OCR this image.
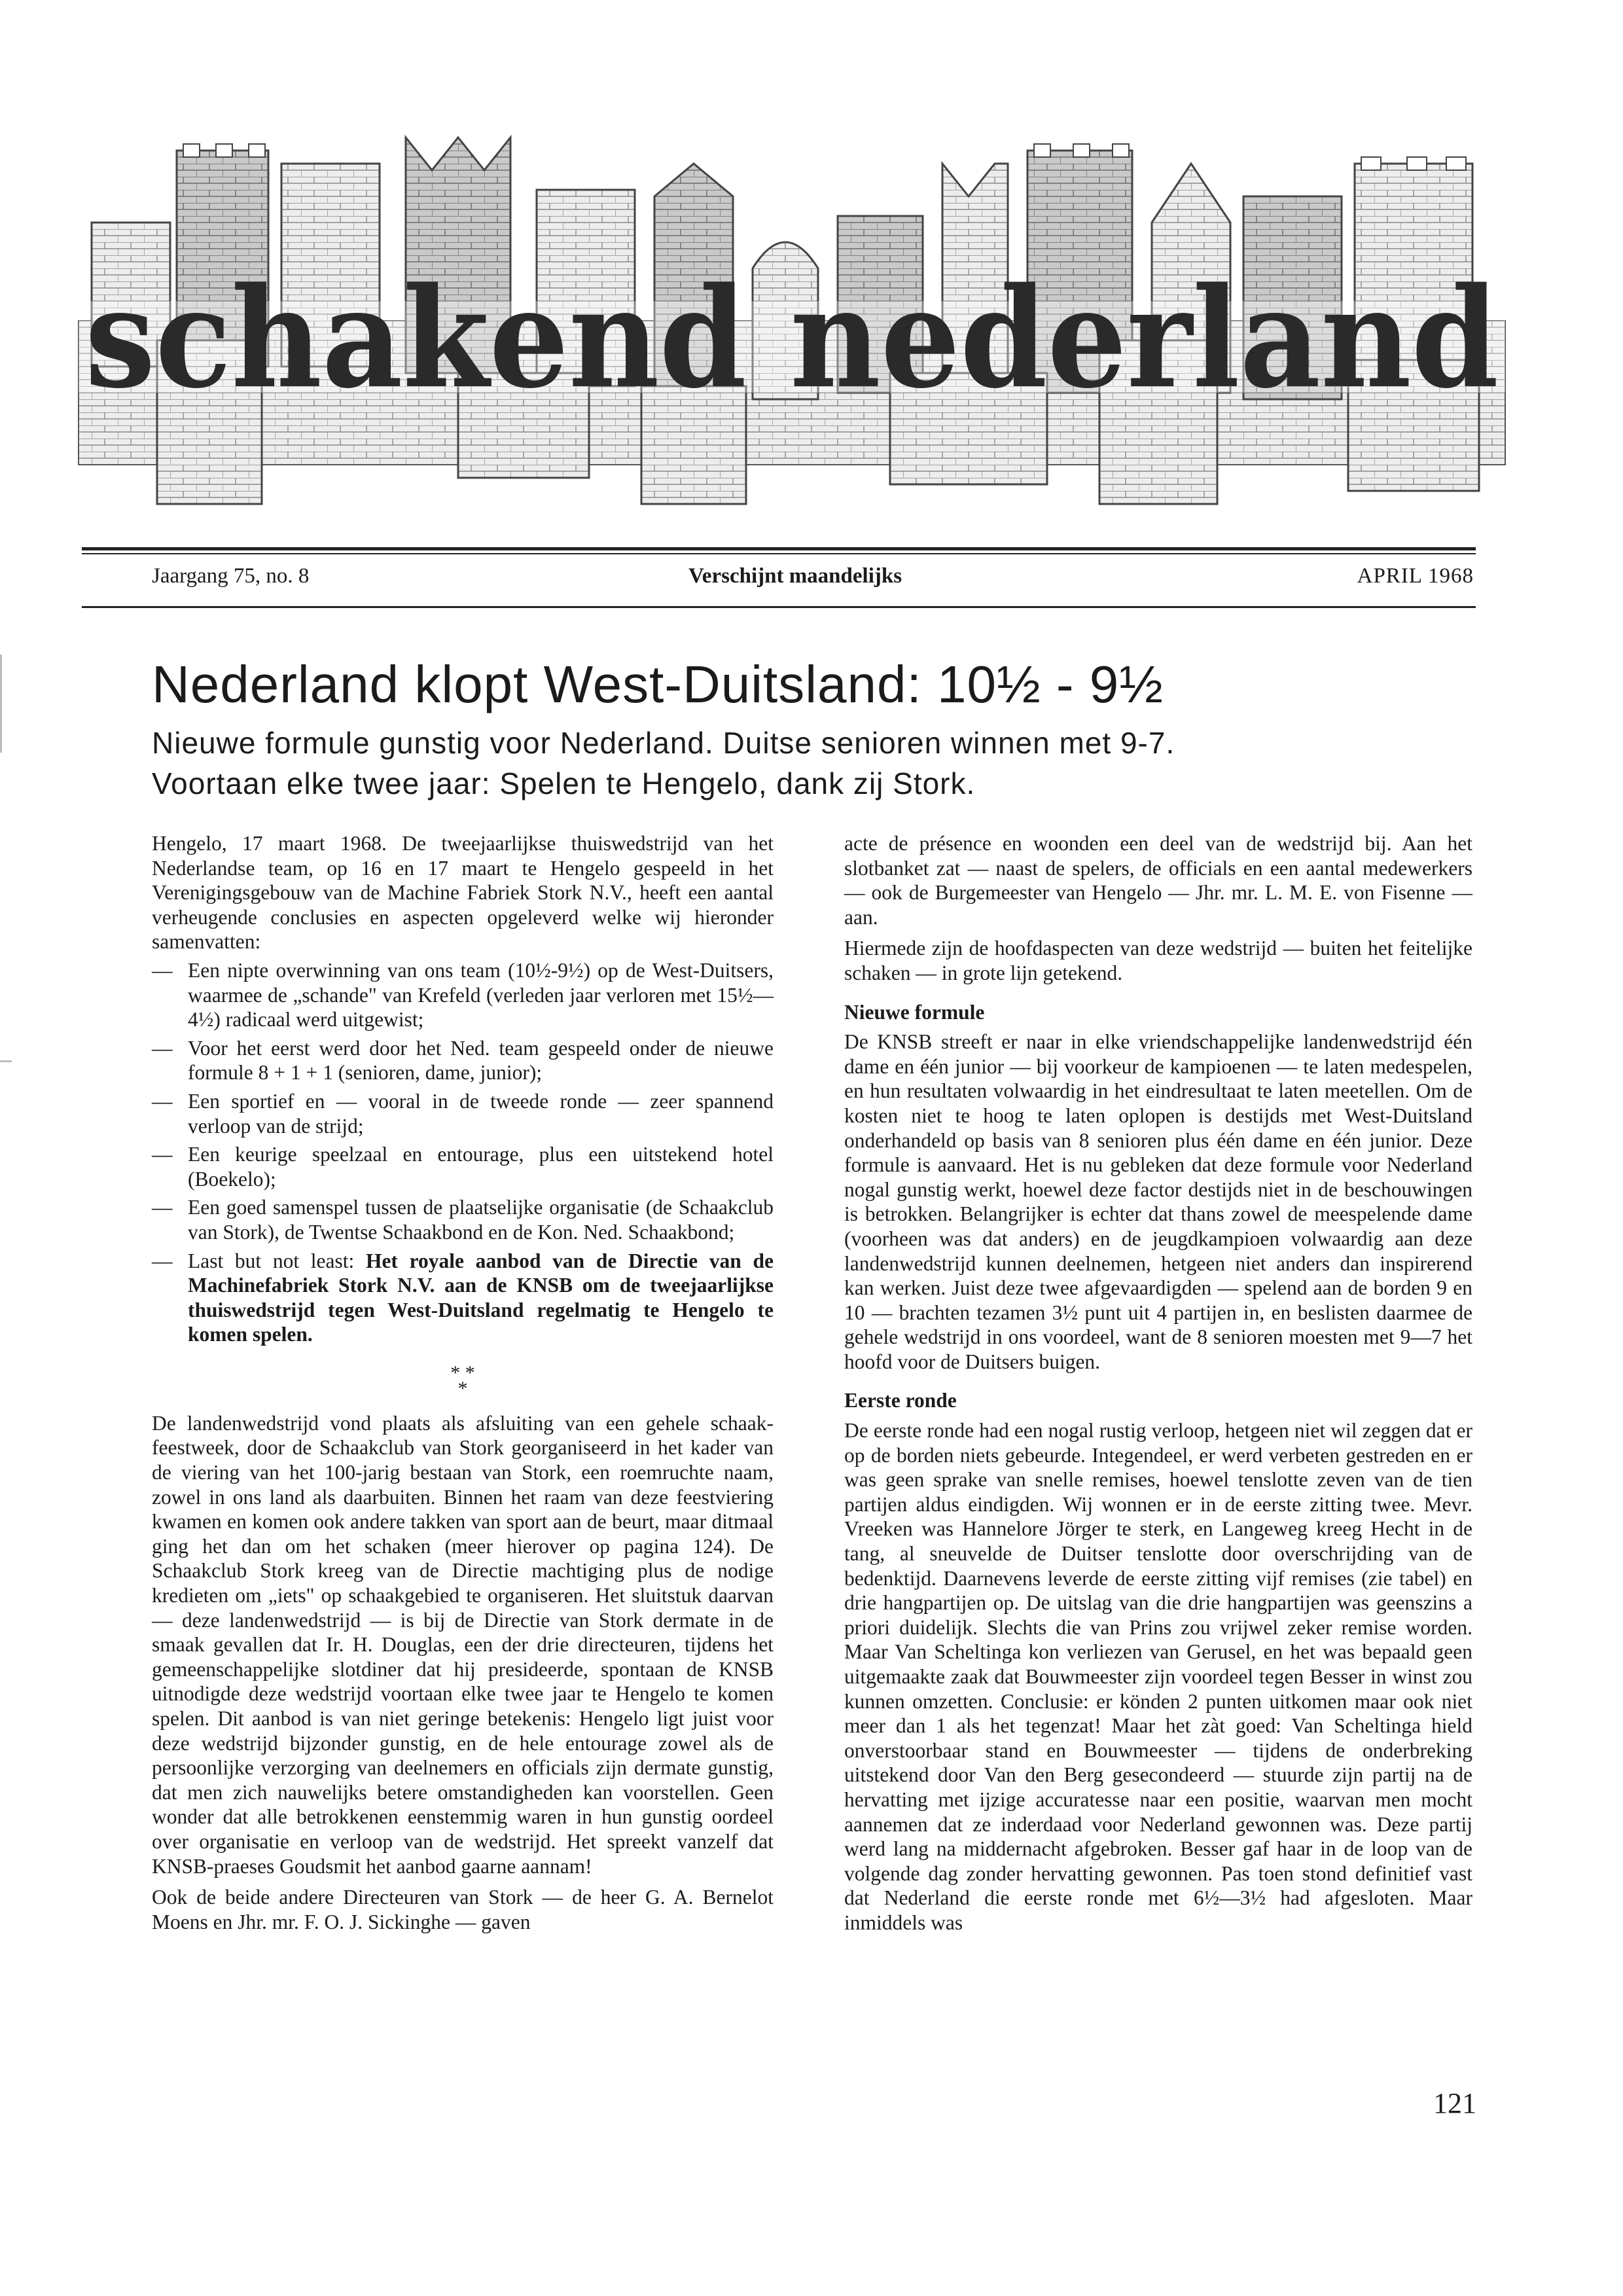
schakend nederland
Jaargang 75, no. 8	Verschijnt maandelijks	APRIL 1968
Nederland klopt West-Duitsland: 10½ - 9½
Nieuwe formule gunstig voor Nederland. Duitse senioren winnen met 9-7.
Voortaan elke twee jaar: Spelen te Hengelo, dank zij Stork.

Hengelo, 17 maart 1968. De tweejaarlijkse thuiswedstrijd van het Nederlandse team, op 16 en 17 maart te Hengelo gespeeld in het Verenigingsgebouw van de Machine Fabriek Stork N.V., heeft een aantal verheugende conclusies en aspecten opgeleverd welke wij hieronder samenvatten:

— Een nipte overwinning van ons team (10½-9½) op de West-Duitsers, waarmee de „schande" van Krefeld (verleden jaar verloren met 15½—4½) radicaal werd uitgewist;
— Voor het eerst werd door het Ned. team gespeeld onder de nieuwe formule 8 + 1 + 1 (senioren, dame, junior);
— Een sportief en — vooral in de tweede ronde — zeer spannend verloop van de strijd;
— Een keurige speelzaal en entourage, plus een uitstekend hotel (Boekelo);
— Een goed samenspel tussen de plaatselijke organisatie (de Schaakclub van Stork), de Twentse Schaakbond en de Kon. Ned. Schaakbond;
— Last but not least: Het royale aanbod van de Directie van de Machinefabriek Stork N.V. aan de KNSB om de tweejaarlijkse thuiswedstrijd tegen West-Duitsland regelmatig te Hengelo te komen spelen.
* *
*

De landenwedstrijd vond plaats als afsluiting van een gehele schaak-feestweek, door de Schaakclub van Stork georganiseerd in het kader van de viering van het 100-jarig bestaan van Stork, een roemruchte naam, zowel in ons land als daarbuiten. Binnen het raam van deze feestviering kwamen en komen ook andere takken van sport aan de beurt, maar ditmaal ging het dan om het schaken (meer hierover op pagina 124). De Schaakclub Stork kreeg van de Directie machtiging plus de nodige kredieten om „iets" op schaakgebied te organiseren. Het sluitstuk daarvan — deze landenwedstrijd — is bij de Directie van Stork dermate in de smaak gevallen dat Ir. H. Douglas, een der drie directeuren, tijdens het gemeenschappelijke slotdiner dat hij presideerde, spontaan de KNSB uitnodigde deze wedstrijd voortaan elke twee jaar te Hengelo te komen spelen. Dit aanbod is van niet geringe betekenis: Hengelo ligt juist voor deze wedstrijd bijzonder gunstig, en de hele entourage zowel als de persoonlijke verzorging van deelnemers en officials zijn dermate gunstig, dat men zich nauwelijks betere omstandigheden kan voorstellen. Geen wonder dat alle betrokkenen eenstemmig waren in hun gunstig oordeel over organisatie en verloop van de wedstrijd. Het spreekt vanzelf dat KNSB-praeses Goudsmit het aanbod gaarne aannam!

Ook de beide andere Directeuren van Stork — de heer G. A. Bernelot Moens en Jhr. mr. F. O. J. Sickinghe — gaven

acte de présence en woonden een deel van de wedstrijd bij. Aan het slotbanket zat — naast de spelers, de officials en een aantal medewerkers — ook de Burgemeester van Hengelo — Jhr. mr. L. M. E. von Fisenne — aan.

Hiermede zijn de hoofdaspecten van deze wedstrijd — buiten het feitelijke schaken — in grote lijn getekend.

Nieuwe formule

De KNSB streeft er naar in elke vriendschappelijke landenwedstrijd één dame en één junior — bij voorkeur de kampioenen — te laten medespelen, en hun resultaten volwaardig in het eindresultaat te laten meetellen. Om de kosten niet te hoog te laten oplopen is destijds met West-Duitsland onderhandeld op basis van 8 senioren plus één dame en één junior. Deze formule is aanvaard. Het is nu gebleken dat deze formule voor Nederland nogal gunstig werkt, hoewel deze factor destijds niet in de beschouwingen is betrokken. Belangrijker is echter dat thans zowel de meespelende dame (voorheen was dat anders) en de jeugdkampioen volwaardig aan deze landenwedstrijd kunnen deelnemen, hetgeen niet anders dan inspirerend kan werken. Juist deze twee afgevaardigden — spelend aan de borden 9 en 10 — brachten tezamen 3½ punt uit 4 partijen in, en beslisten daarmee de gehele wedstrijd in ons voordeel, want de 8 senioren moesten met 9—7 het hoofd voor de Duitsers buigen.

Eerste ronde

De eerste ronde had een nogal rustig verloop, hetgeen niet wil zeggen dat er op de borden niets gebeurde. Integendeel, er werd verbeten gestreden en er was geen sprake van snelle remises, hoewel tenslotte zeven van de tien partijen aldus eindigden. Wij wonnen er in de eerste zitting twee. Mevr. Vreeken was Hannelore Jörger te sterk, en Langeweg kreeg Hecht in de tang, al sneuvelde de Duitser tenslotte door overschrijding van de bedenktijd. Daarnevens leverde de eerste zitting vijf remises (zie tabel) en drie hangpartijen op. De uitslag van die drie hangpartijen was geenszins a priori duidelijk. Slechts die van Prins zou vrijwel zeker remise worden. Maar Van Scheltinga kon verliezen van Gerusel, en het was bepaald geen uitgemaakte zaak dat Bouwmeester zijn voordeel tegen Besser in winst zou kunnen omzetten. Conclusie: er könden 2 punten uitkomen maar ook niet meer dan 1 als het tegenzat! Maar het zàt goed: Van Scheltinga hield onverstoorbaar stand en Bouwmeester — tijdens de onderbreking uitstekend door Van den Berg gesecondeerd — stuurde zijn partij na de hervatting met ijzige accuratesse naar een positie, waarvan men mocht aannemen dat ze inderdaad voor Nederland gewonnen was. Deze partij werd lang na middernacht afgebroken. Besser gaf haar in de loop van de volgende dag zonder hervatting gewonnen. Pas toen stond definitief vast dat Nederland die eerste ronde met 6½—3½ had afgesloten. Maar inmiddels was

121
